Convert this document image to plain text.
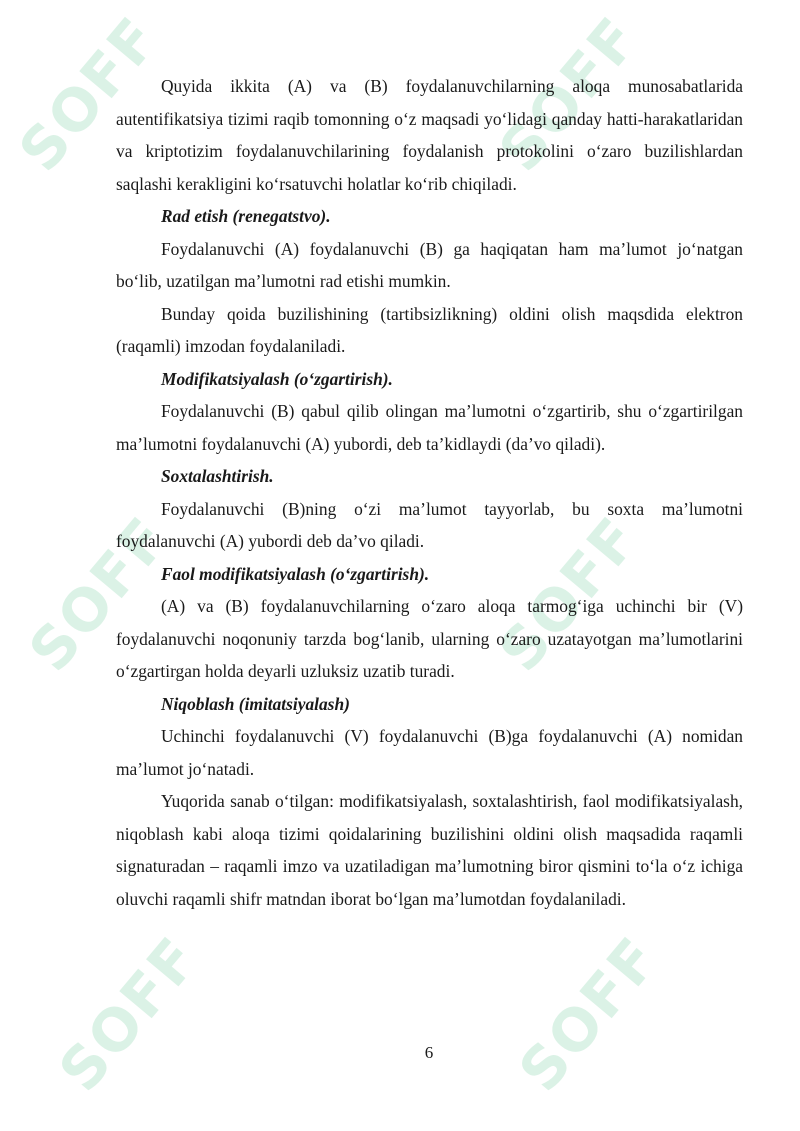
SOFF	SOFF
SOFF	SOFF
SOFF	SOFF

Quyida ikkita (A) va (B) foydalanuvchilarning aloqa munosabatlarida autentifikatsiya tizimi raqib tomonning o‘z maqsadi yo‘lidagi qanday hatti-harakatlaridan va kriptotizim foydalanuvchilarining foydalanish protokolini o‘zaro buzilishlardan saqlashi kerakligini ko‘rsatuvchi holatlar ko‘rib chiqiladi.

Rad etish (renegatstvo).

Foydalanuvchi (A) foydalanuvchi (B) ga haqiqatan ham ma’lumot jo‘natgan bo‘lib, uzatilgan ma’lumotni rad etishi mumkin.

Bunday qoida buzilishining (tartibsizlikning) oldini olish maqsdida elektron (raqamli) imzodan foydalaniladi.

Modifikatsiyalash (o‘zgartirish).

Foydalanuvchi (B) qabul qilib olingan ma’lumotni o‘zgartirib, shu o‘zgartirilgan ma’lumotni foydalanuvchi (A) yubordi, deb ta’kidlaydi (da’vo qiladi).

Soxtalashtirish.

Foydalanuvchi (B)ning o‘zi ma’lumot tayyorlab, bu soxta ma’lumotni foydalanuvchi (A) yubordi deb da’vo qiladi.

Faol modifikatsiyalash (o‘zgartirish).

(A) va (B) foydalanuvchilarning o‘zaro aloqa tarmog‘iga uchinchi bir (V) foydalanuvchi noqonuniy tarzda bog‘lanib, ularning o‘zaro uzatayotgan ma’lumotlarini o‘zgartirgan holda deyarli uzluksiz uzatib turadi.

Niqoblash (imitatsiyalash)

Uchinchi foydalanuvchi (V) foydalanuvchi (B)ga foydalanuvchi (A) nomidan ma’lumot jo‘natadi.

Yuqorida sanab o‘tilgan: modifikatsiyalash, soxtalashtirish, faol modifikatsiyalash, niqoblash kabi aloqa tizimi qoidalarining buzilishini oldini olish maqsadida raqamli signaturadan – raqamli imzo va uzatiladigan ma’lumotning biror qismini to‘la o‘z ichiga oluvchi raqamli shifr matndan iborat bo‘lgan ma’lumotdan foydalaniladi.

6
